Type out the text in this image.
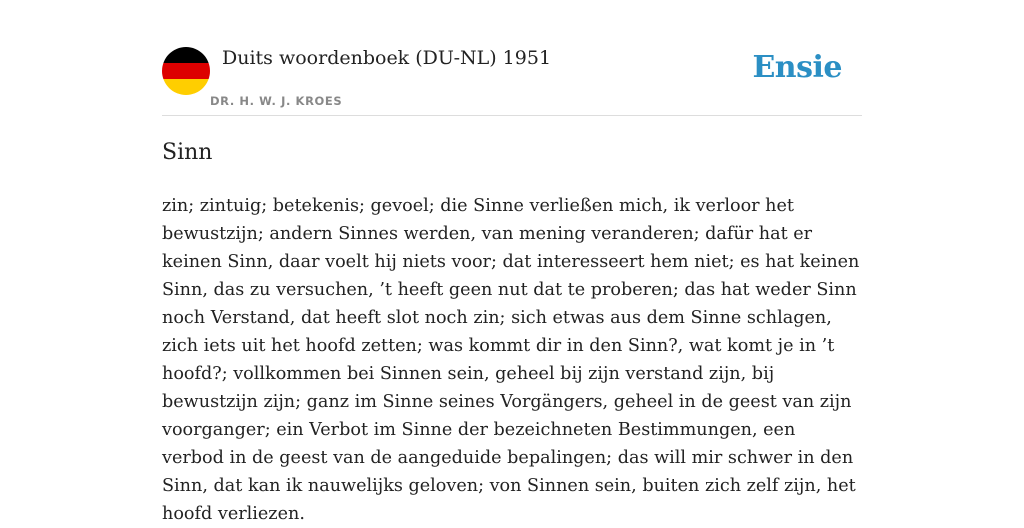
Duits woordenboek (DU-NL) 1951
DR. H. W. J. KROES
Ensie
Sinn

zin; zintuig; betekenis; gevoel; die Sinne verließen mich, ik verloor het bewustzijn; andern Sinnes werden, van mening veranderen; dafür hat er keinen Sinn, daar voelt hij niets voor; dat interesseert hem niet; es hat keinen Sinn, das zu versuchen, ’t heeft geen nut dat te proberen; das hat weder Sinn noch Verstand, dat heeft slot noch zin; sich etwas aus dem Sinne schlagen, zich iets uit het hoofd zetten; was kommt dir in den Sinn?, wat komt je in ’t hoofd?; vollkommen bei Sinnen sein, geheel bij zijn verstand zijn, bij bewustzijn zijn; ganz im Sinne seines Vorgängers, geheel in de geest van zijn voorganger; ein Verbot im Sinne der bezeichneten Bestimmungen, een verbod in de geest van de aangeduide bepalingen; das will mir schwer in den Sinn, dat kan ik nauwelijks geloven; von Sinnen sein, buiten zich zelf zijn, het hoofd verliezen.
